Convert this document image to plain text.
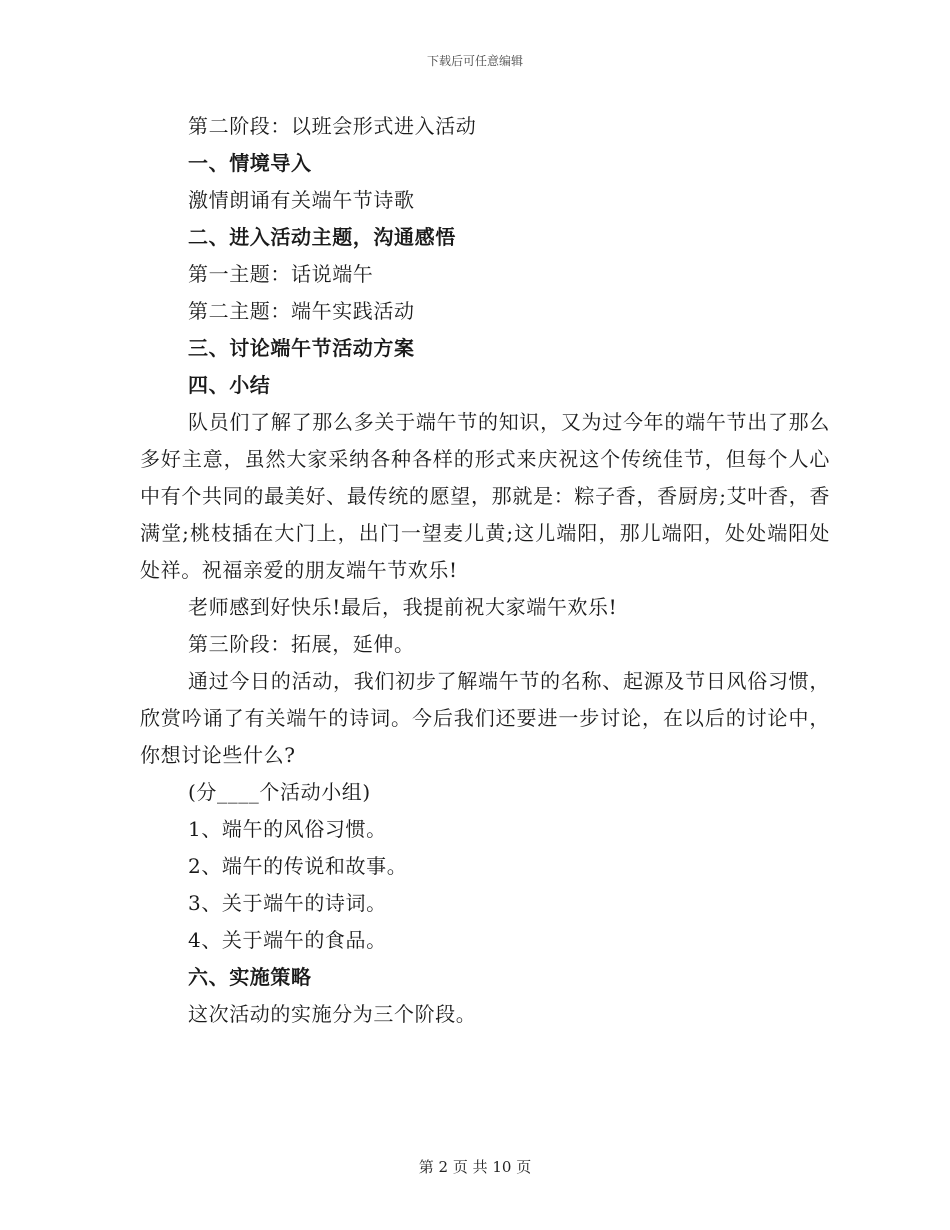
下载后可任意编辑

第二阶段：以班会形式进入活动

一、情境导入

激情朗诵有关端午节诗歌

二、进入活动主题，沟通感悟

第一主题：话说端午

第二主题：端午实践活动

三、讨论端午节活动方案

四、小结

队员们了解了那么多关于端午节的知识，又为过今年的端午节出了那么多好主意，虽然大家采纳各种各样的形式来庆祝这个传统佳节，但每个人心中有个共同的最美好、最传统的愿望，那就是：粽子香，香厨房;艾叶香，香满堂;桃枝插在大门上，出门一望麦儿黄;这儿端阳，那儿端阳，处处端阳处处祥。祝福亲爱的朋友端午节欢乐!

老师感到好快乐!最后，我提前祝大家端午欢乐!

第三阶段：拓展，延伸。

通过今日的活动，我们初步了解端午节的名称、起源及节日风俗习惯，欣赏吟诵了有关端午的诗词。今后我们还要进一步讨论，在以后的讨论中，你想讨论些什么?

(分____个活动小组)

1、端午的风俗习惯。

2、端午的传说和故事。

3、关于端午的诗词。

4、关于端午的食品。

六、实施策略

这次活动的实施分为三个阶段。

第 2 页 共 10 页
